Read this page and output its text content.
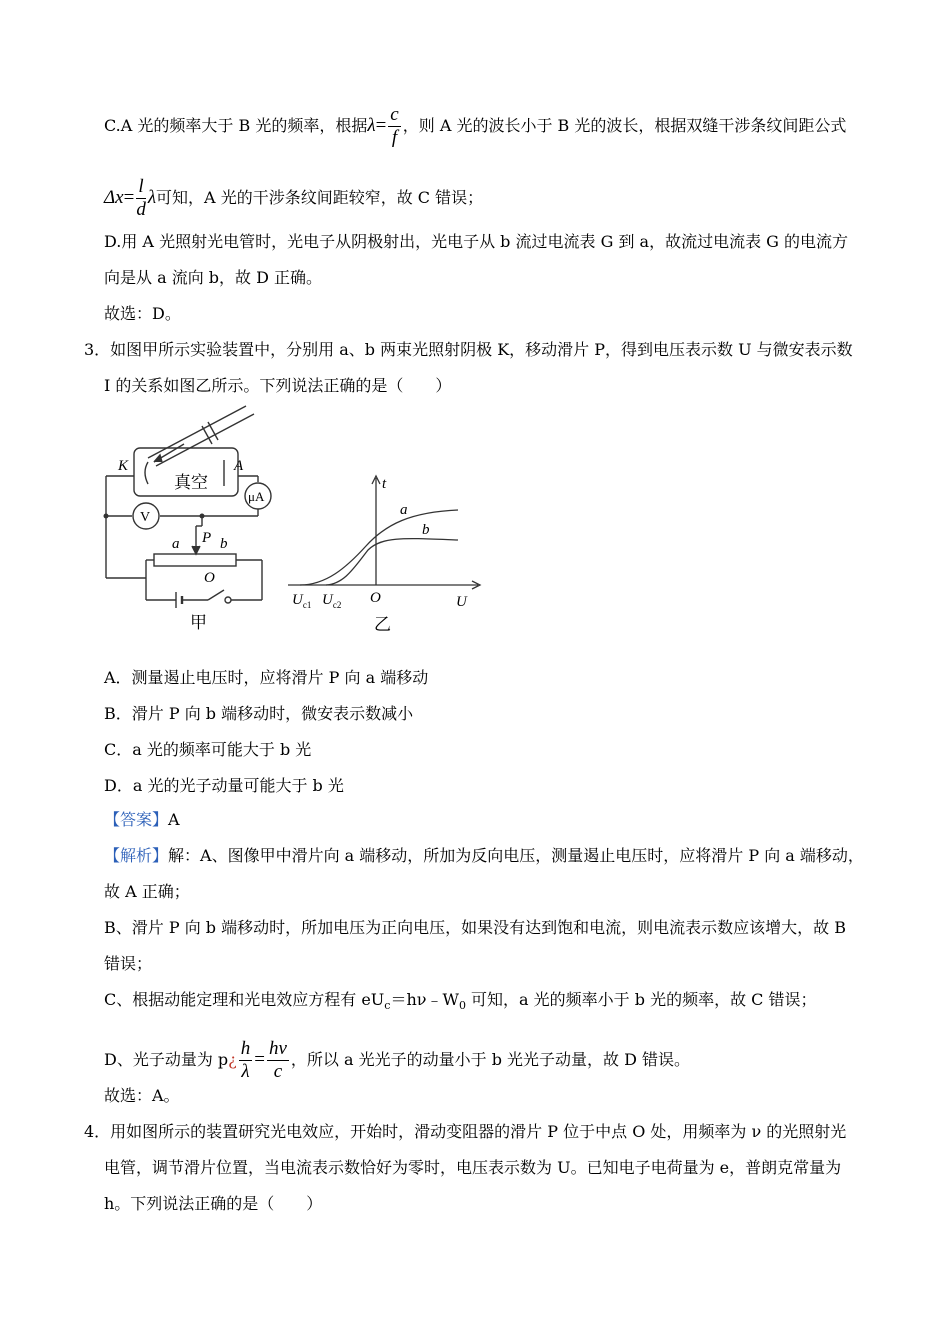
C.A 光的频率大于 B 光的频率，根据$\lambda= \frac{c}{f}$ ，则 A 光的波长小于 B 光的波长，根据双缝干涉条纹间距公式
$\Delta x= \frac{l}{d}$ λ可知，A 光的干涉条纹间距较窄，故 C 错误；
D.用 A 光照射光电管时，光电子从阴极射出，光电子从 b 流过电流表 G 到 a，故流过电流表 G 的电流方
向是从 a 流向 b，故 D 正确。
故选：D。
3．如图甲所示实验装置中，分别用 a、b 两束光照射阴极 K，移动滑片 P，得到电压表示数 U 与微安表示数
I 的关系如图乙所示。下列说法正确的是（　　）
K	A
真空
μA
V
a P b
O
甲
t
a
b
O	U
$U_{c1}$ $U_{c2}$
乙
A．测量遏止电压时，应将滑片 P 向 a 端移动
B．滑片 P 向 b 端移动时，微安表示数减小
C．a 光的频率可能大于 b 光
D．a 光的光子动量可能大于 b 光
【答案】A
【解析】解：A、图像甲中滑片向 a 端移动，所加为反向电压，测量遏止电压时，应将滑片 P 向 a 端移动，
故 A 正确；
B、滑片 P 向 b 端移动时，所加电压为正向电压，如果没有达到饱和电流，则电流表示数应该增大，故 B
错误；
C、根据动能定理和光电效应方程有 $eU_c=h\nu﹣W_0$ 可知，a 光的频率小于 b 光的频率，故 C 错误；
D、光子动量为 p¿ $\frac{h}{\lambda} = \frac{h\nu}{c}$ ，所以 a 光光子的动量小于 b 光光子动量，故 D 错误。
故选：A。
4．用如图所示的装置研究光电效应，开始时，滑动变阻器的滑片 P 位于中点 O 处，用频率为 ν 的光照射光
电管，调节滑片位置，当电流表示数恰好为零时，电压表示数为 U。已知电子电荷量为 e，普朗克常量为
h。下列说法正确的是（　　）
